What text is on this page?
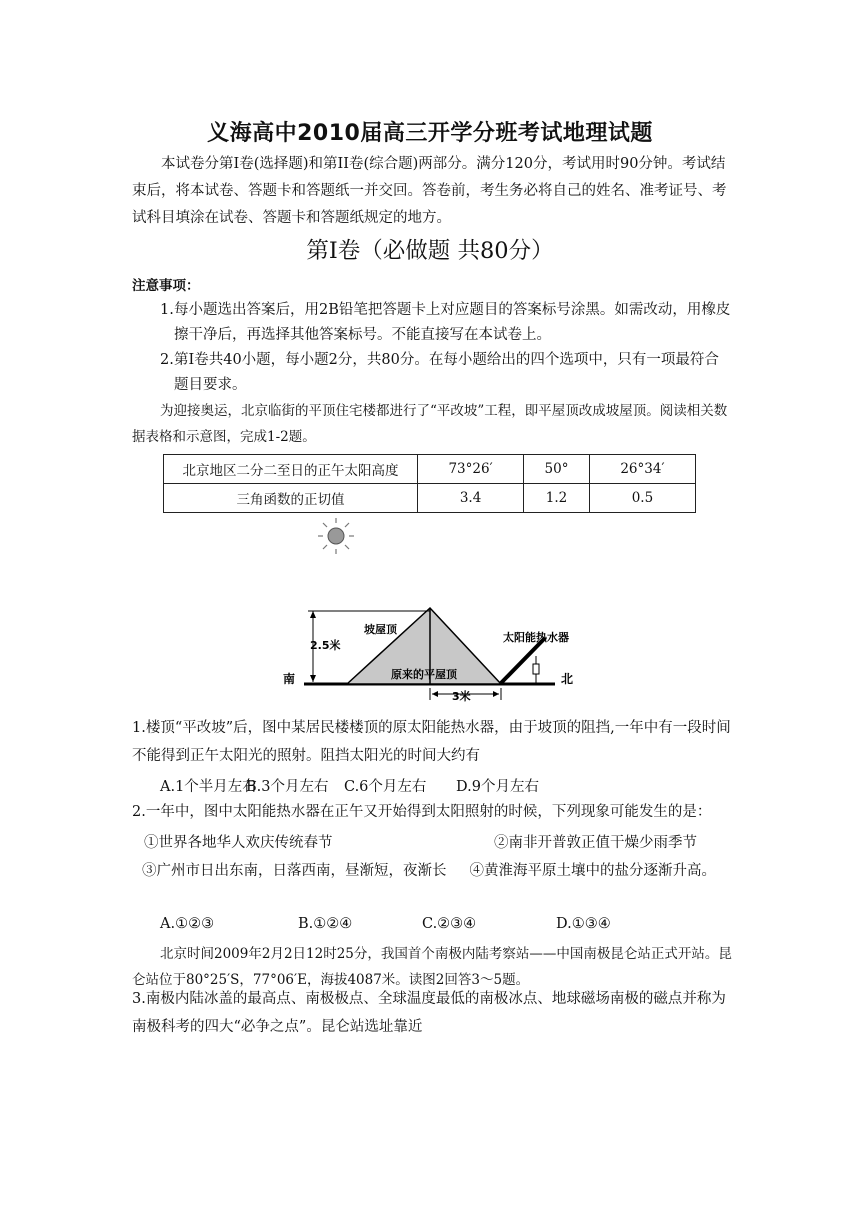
义海高中2010届高三开学分班考试地理试题
本试卷分第Ⅰ卷(选择题)和第II卷(综合题)两部分。满分120分，考试用时90分钟。考试结束后，将本试卷、答题卡和答题纸一并交回。答卷前，考生务必将自己的姓名、准考证号、考试科目填涂在试卷、答题卡和答题纸规定的地方。
第Ⅰ卷（必做题 共80分）
注意事项：
1. 每小题选出答案后，用2B铅笔把答题卡上对应题目的答案标号涂黑。如需改动，用橡皮擦干净后，再选择其他答案标号。不能直接写在本试卷上。
2. 第Ⅰ卷共40小题，每小题2分，共80分。在每小题给出的四个选项中，只有一项最符合题目要求。
为迎接奥运，北京临街的平顶住宅楼都进行了“平改坡”工程，即平屋顶改成坡屋顶。阅读相关数据表格和示意图，完成1-2题。
北京地区二分二至日的正午太阳高度	73°26′	50°	26°34′
三角函数的正切值	3.4	1.2	0.5
2.5米
坡屋顶
原来的平屋顶
太阳能热水器
南	北
3米
1.楼顶“平改坡”后，图中某居民楼楼顶的原太阳能热水器，由于坡顶的阻挡,一年中有一段时间不能得到正午太阳光的照射。阻挡太阳光的时间大约有
A.1个半月左右B.3个月左右 C.6个月左右 D.9个月左右
2.一年中，图中太阳能热水器在正午又开始得到太阳照射的时候，下列现象可能发生的是：
①世界各地华人欢庆传统春节	②南非开普敦正值干燥少雨季节
③广州市日出东南，日落西南，昼渐短，夜渐长 ④黄淮海平原土壤中的盐分逐渐升高。
A.①②③	B.①②④	C.②③④	D.①③④
北京时间2009年2月2日12时25分，我国首个南极内陆考察站——中国南极昆仑站正式开站。昆仑站位于80°25′S，77°06′E，海拔4087米。读图2回答3～5题。
3.南极内陆冰盖的最高点、南极极点、全球温度最低的南极冰点、地球磁场南极的磁点并称为南极科考的四大“必争之点”。昆仑站选址靠近
